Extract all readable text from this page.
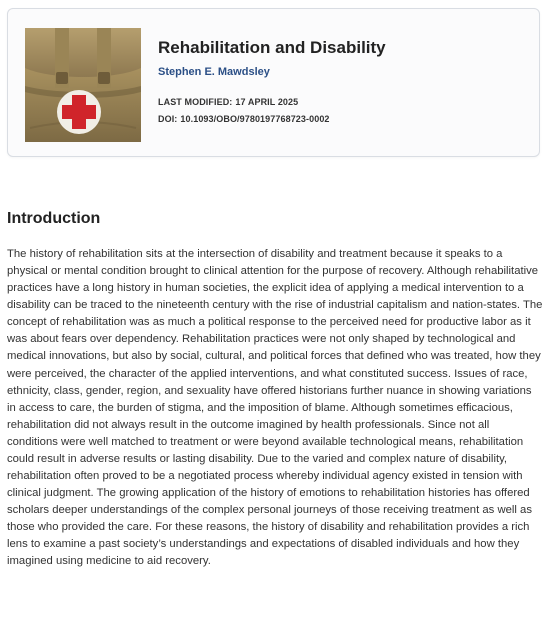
Rehabilitation and Disability
Stephen E. Mawdsley
LAST MODIFIED: 17 APRIL 2025
DOI: 10.1093/OBO/9780197768723-0002
Introduction

The history of rehabilitation sits at the intersection of disability and treatment because it speaks to a physical or mental condition brought to clinical attention for the purpose of recovery. Although rehabilitative practices have a long history in human societies, the explicit idea of applying a medical intervention to a disability can be traced to the nineteenth century with the rise of industrial capitalism and nation-states. The concept of rehabilitation was as much a political response to the perceived need for productive labor as it was about fears over dependency. Rehabilitation practices were not only shaped by technological and medical innovations, but also by social, cultural, and political forces that defined who was treated, how they were perceived, the character of the applied interventions, and what constituted success. Issues of race, ethnicity, class, gender, region, and sexuality have offered historians further nuance in showing variations in access to care, the burden of stigma, and the imposition of blame. Although sometimes efficacious, rehabilitation did not always result in the outcome imagined by health professionals. Since not all conditions were well matched to treatment or were beyond available technological means, rehabilitation could result in adverse results or lasting disability. Due to the varied and complex nature of disability, rehabilitation often proved to be a negotiated process whereby individual agency existed in tension with clinical judgment. The growing application of the history of emotions to rehabilitation histories has offered scholars deeper understandings of the complex personal journeys of those receiving treatment as well as those who provided the care. For these reasons, the history of disability and rehabilitation provides a rich lens to examine a past society’s understandings and expectations of disabled individuals and how they imagined using medicine to aid recovery.
